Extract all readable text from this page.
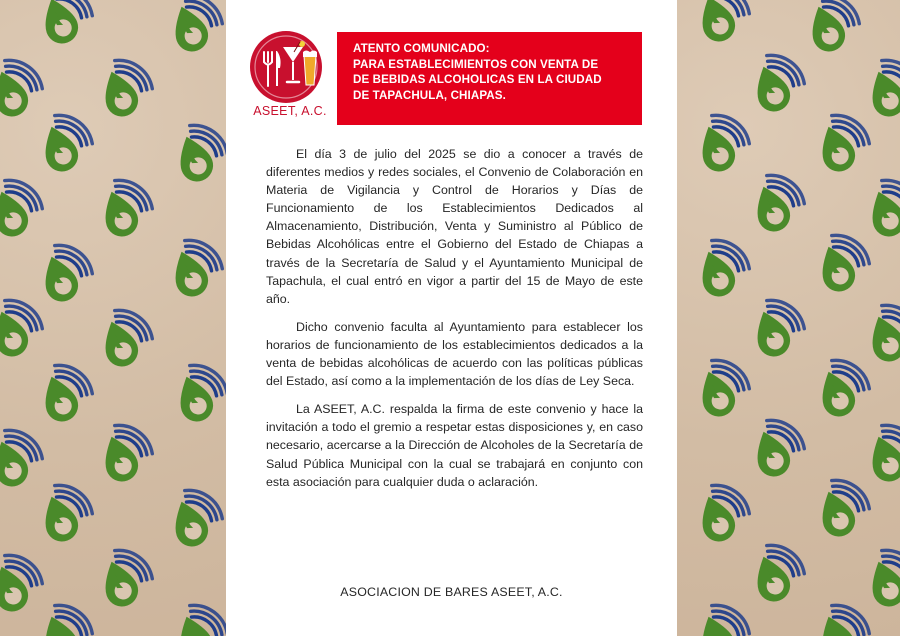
ASEET, A.C.
ATENTO COMUNICADO:
PARA ESTABLECIMIENTOS CON VENTA DE
DE BEBIDAS ALCOHOLICAS EN LA CIUDAD
DE TAPACHULA, CHIAPAS.

El día 3 de julio del 2025 se dio a conocer a través de diferentes medios y redes sociales, el Convenio de Colaboración en Materia de Vigilancia y Control de Horarios y Días de Funcionamiento de los Establecimientos Dedicados al Almacenamiento, Distribución, Venta y Suministro al Público de Bebidas Alcohólicas entre el Gobierno del Estado de Chiapas a través de la Secretaría de Salud y el Ayuntamiento Municipal de Tapachula, el cual entró en vigor a partir del 15 de Mayo de este año.

Dicho convenio faculta al Ayuntamiento para establecer los horarios de funcionamiento de los establecimientos dedicados a la venta de bebidas alcohólicas de acuerdo con las políticas públicas del Estado, así como a la implementación de los días de Ley Seca.

La ASEET, A.C. respalda la firma de este convenio y hace la invitación a todo el gremio a respetar estas disposiciones y, en caso necesario, acercarse a la Dirección de Alcoholes de la Secretaría de Salud Pública Municipal con la cual se trabajará en conjunto con esta asociación para cualquier duda o aclaración.

ASOCIACION DE BARES ASEET, A.C.
